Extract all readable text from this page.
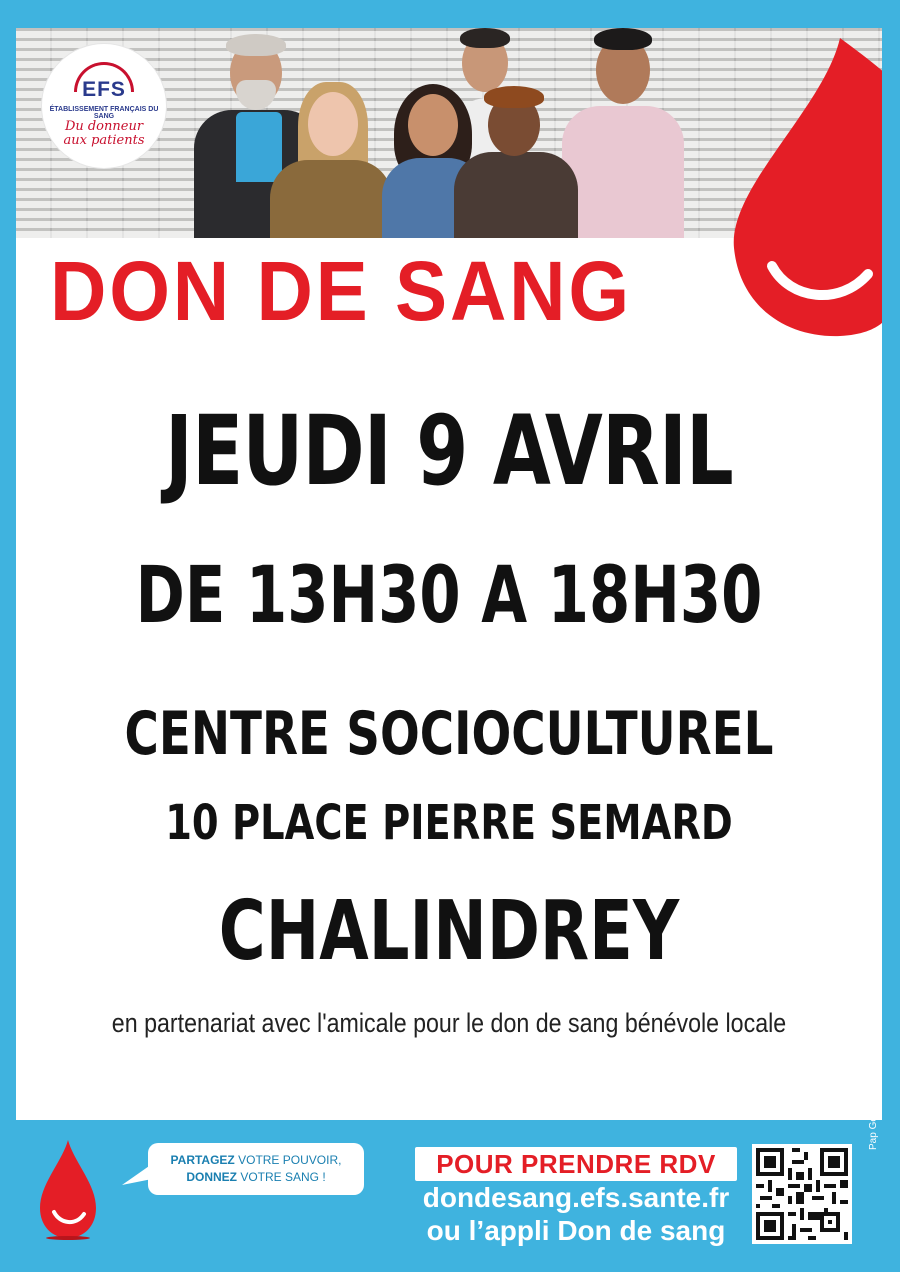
EFS
ÉTABLISSEMENT FRANÇAIS DU SANG
Du donneur
aux patients
DON DE SANG
JEUDI 9 AVRIL
DE 13H30 A 18H30
CENTRE SOCIOCULTUREL
10 PLACE PIERRE SEMARD
CHALINDREY
en partenariat avec l'amicale pour le don de sang bénévole locale	Pap Générique - Aff. A4 Collecte RDV - V2 - Sept 2023 - EFS GEST - Ne pas jeter sur la voie publique
PARTAGEZ VOTRE POUVOIR,
DONNEZ VOTRE SANG !	POUR PRENDRE RDV
dondesang.efs.sante.fr
ou l’appli Don de sang
